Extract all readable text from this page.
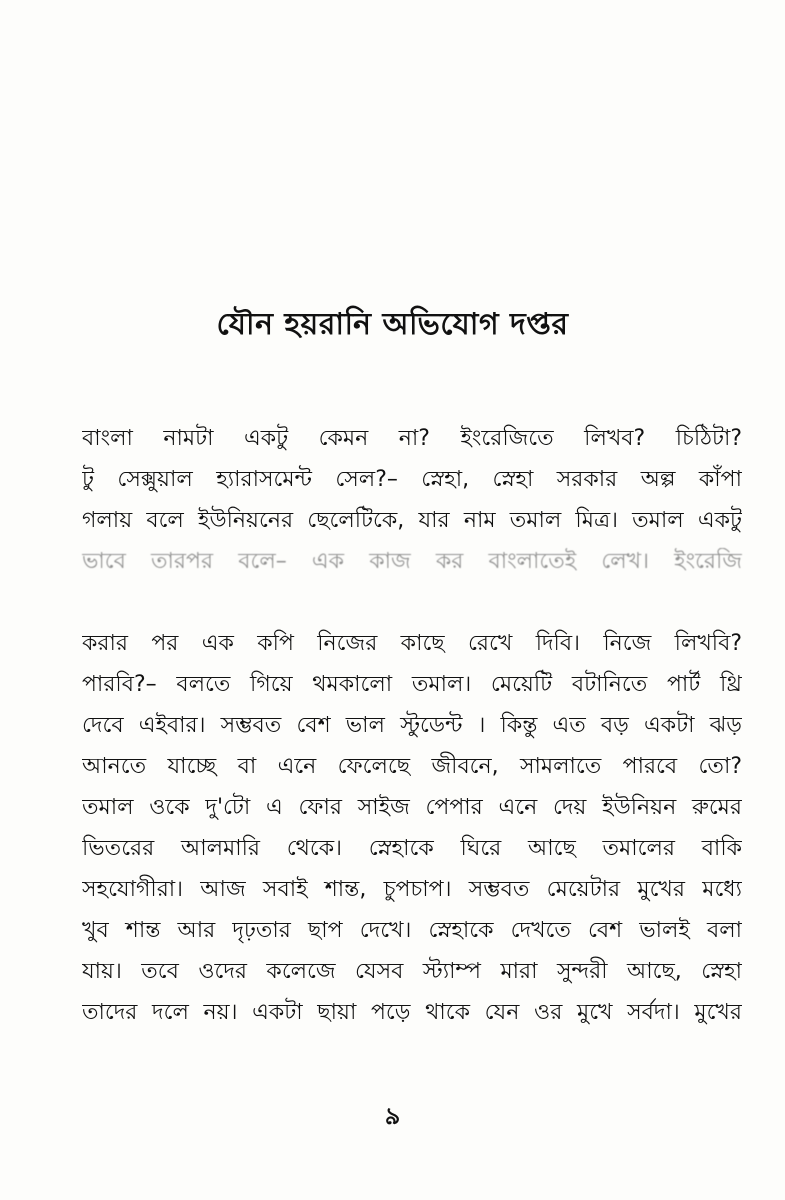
যৌন হয়রানি অভিযোগ দপ্তর
বাংলা নামটা একটু কেমন না? ইংরেজিতে লিখব? চিঠিটা?
টু সেক্সুয়াল হ্যারাসমেন্ট সেল?– স্নেহা, স্নেহা সরকার অল্প কাঁপা
গলায় বলে ইউনিয়নের ছেলেটিকে, যার নাম তমাল মিত্র। তমাল একটু
ভাবে তারপর বলে– এক কাজ কর বাংলাতেই লেখ। ইংরেজি
করার পর এক কপি নিজের কাছে রেখে দিবি। নিজে লিখবি?
পারবি?– বলতে গিয়ে থমকালো তমাল। মেয়েটি বটানিতে পার্ট থ্রি
দেবে এইবার। সম্ভবত বেশ ভাল স্টুডেন্ট । কিন্তু এত বড় একটা ঝড়
আনতে যাচ্ছে বা এনে ফেলেছে জীবনে, সামলাতে পারবে তো?
তমাল ওকে দু'টো এ ফোর সাইজ পেপার এনে দেয় ইউনিয়ন রুমের
ভিতরের আলমারি থেকে। স্নেহাকে ঘিরে আছে তমালের বাকি
সহযোগীরা। আজ সবাই শান্ত, চুপচাপ। সম্ভবত মেয়েটার মুখের মধ্যে
খুব শান্ত আর দৃঢ়তার ছাপ দেখে। স্নেহাকে দেখতে বেশ ভালই বলা
যায়। তবে ওদের কলেজে যেসব স্ট্যাম্প মারা সুন্দরী আছে, স্নেহা
তাদের দলে নয়। একটা ছায়া পড়ে থাকে যেন ওর মুখে সর্বদা। মুখের
৯
